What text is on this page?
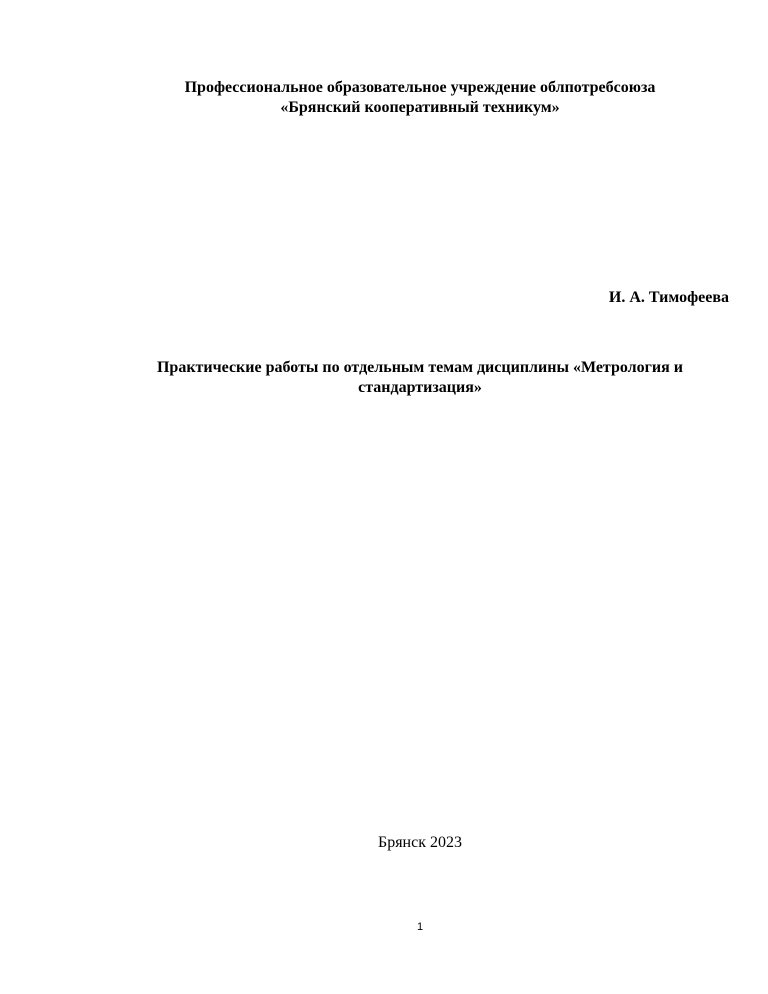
Профессиональное образовательное учреждение облпотребсоюза
«Брянский кооперативный техникум»
И. А. Тимофеева
Практические работы по отдельным темам дисциплины «Метрология и
стандартизация»
Брянск 2023
1
